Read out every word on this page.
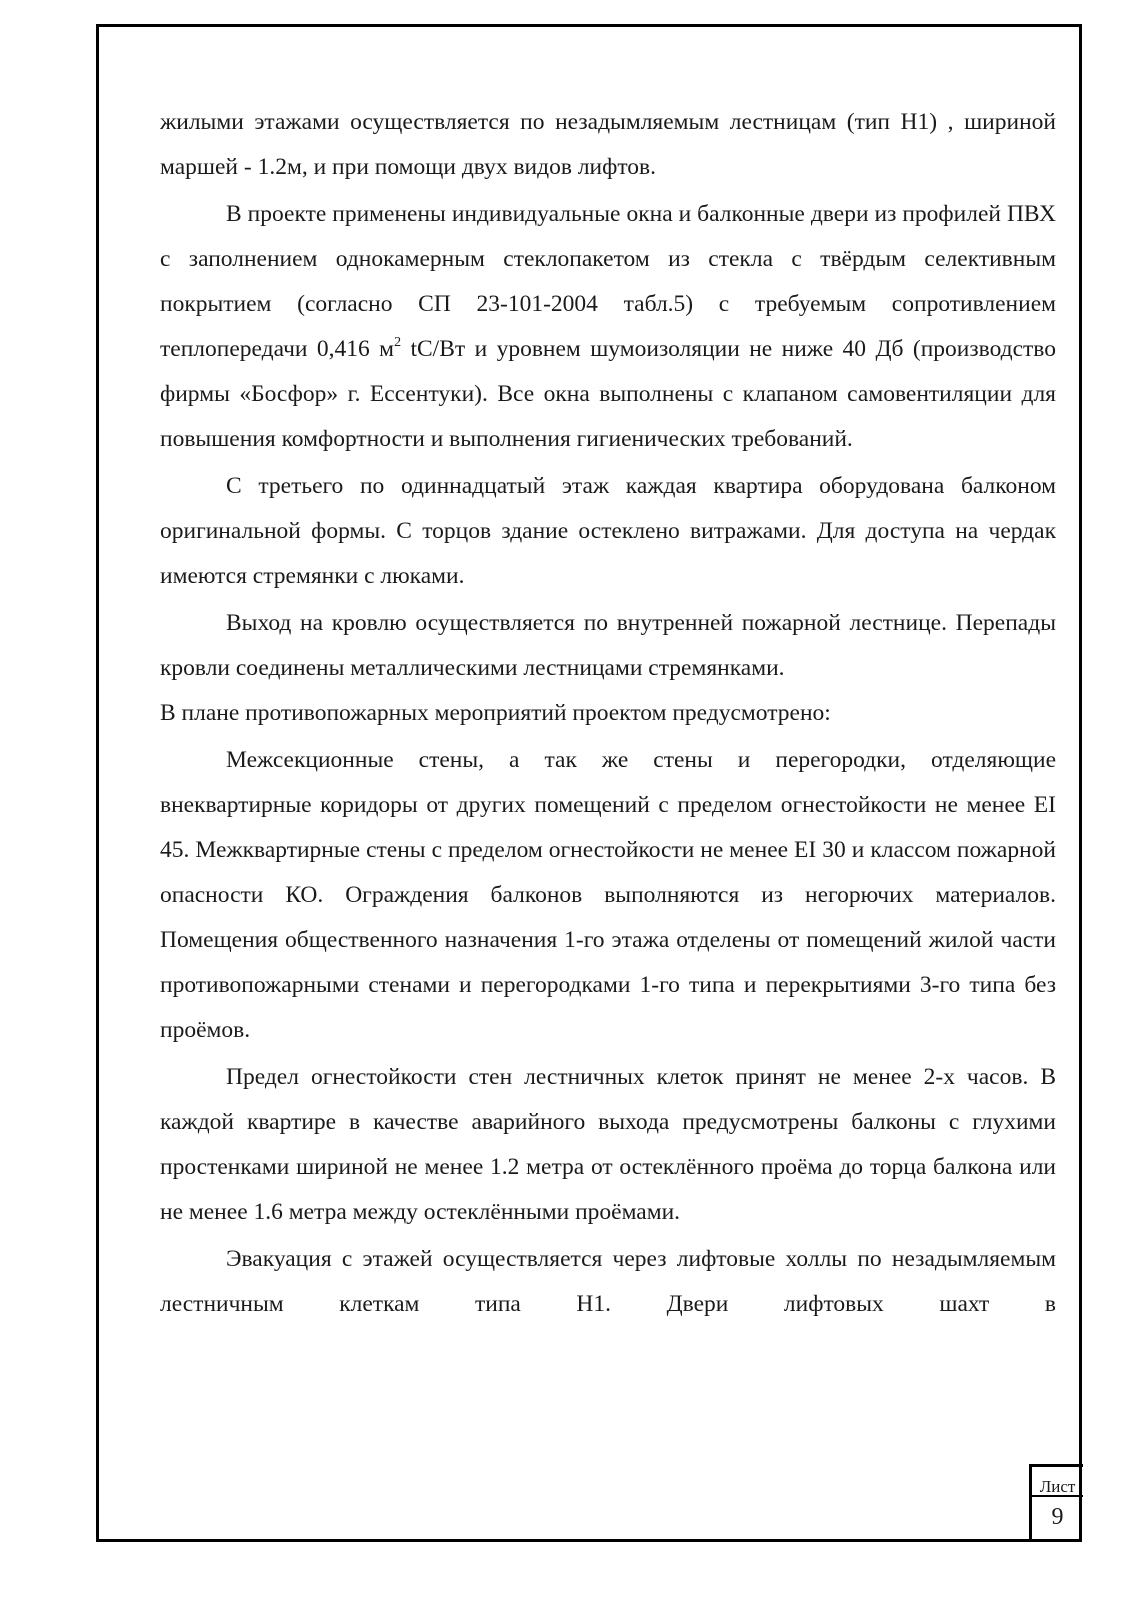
жилыми этажами осуществляется по незадымляемым лестницам (тип Н1) , шириной маршей - 1.2м, и при помощи двух видов лифтов.

В проекте применены индивидуальные окна и балконные двери из профилей ПВХ с заполнением однокамерным стеклопакетом из стекла с твёрдым селективным покрытием (согласно СП 23-101-2004 табл.5) с требуемым сопротивлением теплопередачи 0,416 $м^2$ tC/Вт и уровнем шумоизоляции не ниже 40 Дб (производство фирмы «Босфор» г. Ессентуки). Все окна выполнены с клапаном самовентиляции для повышения комфортности и выполнения гигиенических требований.

С третьего по одиннадцатый этаж каждая квартира оборудована балконом оригинальной формы. С торцов здание остеклено витражами. Для доступа на чердак имеются стремянки с люками.

Выход на кровлю осуществляется по внутренней пожарной лестнице. Перепады кровли соединены металлическими лестницами стремянками.

В плане противопожарных мероприятий проектом предусмотрено:

Межсекционные стены, а так же стены и перегородки, отделяющие внеквартирные коридоры от других помещений с пределом огнестойкости не менее EI 45. Межквартирные стены с пределом огнестойкости не менее EI 30 и классом пожарной опасности КО. Ограждения балконов выполняются из негорючих материалов. Помещения общественного назначения 1-го этажа отделены от помещений жилой части противопожарными стенами и перегородками 1-го типа и перекрытиями 3-го типа без проёмов.

Предел огнестойкости стен лестничных клеток принят не менее 2-х часов. В каждой квартире в качестве аварийного выхода предусмотрены балконы с глухими простенками шириной не менее 1.2 метра от остеклённого проёма до торца балкона или не менее 1.6 метра между остеклёнными проёмами.

Эвакуация с этажей осуществляется через лифтовые холлы по незадымляемым лестничным клеткам типа Н1. Двери лифтовых шахт в

Лист
9
